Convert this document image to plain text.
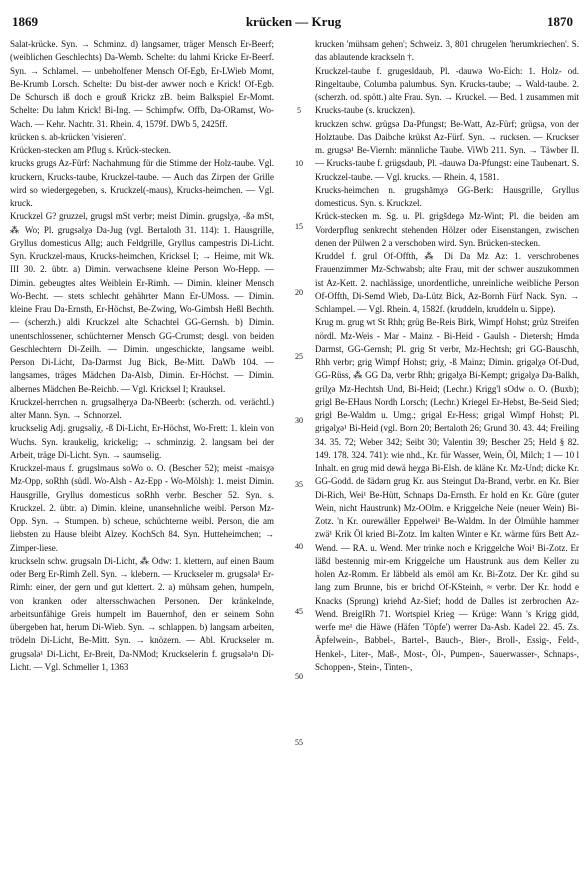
1869	krücken — Krug	1870

Salat-krücke. Syn. → Schminz. d) langsamer, träger Mensch Er-Beerf; (weiblichen Geschlechts) Da-Wemb. Schelte: du lahmi Kricke Er-Beerf. Syn. → Schlamel. — unbeholfener Mensch Of-Egb, Er-LWieb Momt, Be-Krumb Lorsch. Schelte: Du bist-der awwer noch e Krick! Of-Egb. De Schursch iß doch e grouß Krickz zB. beim Balkspiel Er-Momt. Schelte: Du lahm Krick! Bi-Ing. — Schimpfw. Offb, Da-ORamst, Wo-Wach. — Kehr. Nachtr. 31. Rhein. 4, 1579f. DWb 5, 2425ff.

krücken s. ab-krücken 'visieren'.

Krücken-stecken am Pflug s. Krück-stecken.

krucks grugs Az-Fürf: Nachahmung für die Stimme der Holz-taube. Vgl. kruckern, Krucks-taube, Kruckzel-taube. — Auch das Zirpen der Grille wird so wiedergegeben, s. Kruckzel(-maus), Krucks-heimchen. — Vgl. kruck.

Kruckzel G? gruzzel, grugsl mSt verbr; meist Dimin. grugslχә, -ßә mSt, ⁂ Wo; Pl. grugsәlχә Da-Jug (vgl. Bertaloth 31. 114): 1. Hausgrille, Gryllus domesticus Allg; auch Feldgrille, Gryllus campestris Di-Licht. Syn. Kruckzel-maus, Krucks-heimchen, Kricksel I; → Heime, mit Wk. III 30. 2. übtr. a) Dimin. verwachsene kleine Person Wo-Hepp. — Dimin. gebeugtes altes Weiblein Er-Rimh. — Dimin. kleiner Mensch Wo-Becht. — stets schlecht gehährter Mann Er-UMoss. — Dimin. kleine Frau Da-Ernsth, Er-Höchst, Be-Zwing, Wo-Gimbsh Heßl Bechth. — (scherzh.) aldi Kruckzel alte Schachtel GG-Gernsh. b) Dimin. unentschlossener, schüchterner Mensch GG-Crumst; desgl. von beiden Geschlechtern Di-Zeilh. — Dimin. ungeschickte, langsame weibl. Person Di-Licht, Da-Darmst Jug Bick, Be-Mitt. DaWb 104. — langsames, träges Mädchen Da-Alsb, Dimin. Er-Höchst. — Dimin. albernes Mädchen Be-Reichb. — Vgl. Kricksel I; Krauksel.

Kruckzel-herrchen n. grugsәlhęrχә Da-NBeerb: (scherzh. od. verächtl.) alter Mann. Syn. → Schnorzel.

kruckselig Adj. grugsәliχ, -ß Di-Licht, Er-Höchst, Wo-Frett: 1. klein von Wuchs. Syn. kraukelig, krickelig; → schminzig. 2. langsam bei der Arbeit, träge Di-Licht. Syn. → saumselig.

Kruckzel-maus f. grugslmaus soWo o. O. (Bescher 52); meist -maisχә Mz-Opp, soRhh (südl. Wo-Alsh - Az-Epp - Wo-Mölsh): 1. meist Dimin. Hausgrille, Gryllus domesticus soRhh verbr. Bescher 52. Syn. s. Kruckzel. 2. übtr. a) Dimin. kleine, unansehnliche weibl. Person Mz-Opp. Syn. → Stumpen. b) scheue, schüchterne weibl. Person, die am liebsten zu Hause bleibt Alzey. KochSch 84. Syn. Hutteheimchen; → Zimper-liese.

kruckseln schw. grugsәln Di-Licht, ⁂ Odw: 1. klettern, auf einen Baum oder Berg Er-Rimh Zell. Syn. → klebern. — Kruckseler m. grugsәlә¹ Er-Rimh: einer, der gern und gut klettert. 2. a) mühsam gehen, humpeln, von kranken oder altersschwachen Personen. Der kränkelnde, arbeitsunfähige Greis humpelt im Bauernhof, den er seinem Sohn übergeben hat, herum Di-Wieb. Syn. → schlappen. b) langsam arbeiten, trödeln Di-Licht, Be-Mitt. Syn. → knözern. — Abl. Kruckseler m. grugsәlә¹ Di-Licht, Er-Breit, Da-NMod; Kruckselerin f. grugsәlә¹n Di-Licht. — Vgl. Schmeller 1, 1363

5
10
15
20
25
30
35
40
45
50
55

krucken 'mühsam gehen'; Schweiz. 3, 801 chrugelen 'herumkriechen'. S. das ablautende krackseln †.

Kruckzel-taube f. grugesldaub, Pl. -dauwә Wo-Eich: 1. Holz- od. Ringeltaube, Columba palumbus. Syn. Krucks-taube; → Wald-taube. 2. (scherzh. od. spött.) alte Frau. Syn. → Kruckel. — Bed. 1 zusammen mit Krucks-taube (s. kruckzen).

kruckzen schw. grügsә Da-Pfungst; Be-Watt, Az-Fürf; grügsә, von der Holztaube. Das Daibche krükst Az-Fürf. Syn. → rucksen. — Kruckser m. grugsә¹ Be-Viernh: männliche Taube. ViWb 211. Syn. → Täwber II. — Krucks-taube f. grügsdaub, Pl. -dauwә Da-Pfungst: eine Taubenart. S. Kruckzel-taube. — Vgl. krucks. — Rhein. 4, 1581.

Krucks-heimchen n. grugshāmχә GG-Berk: Hausgrille, Gryllus domesticus. Syn. s. Kruckzel.

Krück-stecken m. Sg. u. Pl. grigšdegә Mz-Wint; Pl. die beiden am Vorderpflug senkrecht stehenden Hölzer oder Eisenstangen, zwischen denen der Pülwen 2 a verschoben wird. Syn. Brücken-stecken.

Kruddel f. grul Of-Offth, ⁂ Di Da Mz Az: 1. verschrobenes Frauenzimmer Mz-Schwabsb; alte Frau, mit der schwer auszukommen ist Az-Kett. 2. nachlässige, unordentliche, unreinliche weibliche Person Of-Offth, Di-Semd Wieb, Da-Lütz Bick, Az-Bornh Fürf Nack. Syn. → Schlampel. — Vgl. Rhein. 4, 1582f. (kruddeln, kruddeln u. Sippe).

Krug m. grug wt St Rhh; grüg Be-Reis Birk, Wimpf Hohst; grüz Streifen nördl. Mz-Weis - Mar - Mainz - Bi-Heid - Gaulsh - Dietersh; Hmda Darmst, GG-Gernsh; Pl. grig St verbr, Mz-Hechtsh; gri GG-Bauschh, Rhh verbr; grig Wimpf Hohst; griχ, -ß Mainz; Dimin. grigәlχә Of-Dud, GG-Rüss, ⁂ GG Da, verbr Rhh; grigәlχә Bi-Kempt; grigәlχә Da-Balkh, grilχә Mz-Hechtsh Und, Bi-Heid; (Lechr.) Krigg'l sOdw o. O. (Buxb); grigl Be-EHaus Nordh Lorsch; (Lechr.) Kriegel Er-Hebst, Be-Seid Sied; grigl Be-Waldm u. Umg.; grigәl Er-Hess; grigәl Wimpf Hohst; Pl. grigәlχә¹ Bi-Heid (vgl. Born 20; Bertaloth 26; Grund 30. 43. 44; Freiling 34. 35. 72; Weber 342; Seibt 30; Valentin 39; Bescher 25; Held § 82. 149. 178. 324. 741): wie nhd., Kr. für Wasser, Wein, Öl, Milch; 1 — 10 l Inhalt. en grug mid dewä heχgә Bi-Elsh. de kläne Kr. Mz-Und; dicke Kr. GG-Godd. de šädәrn grug Kr. aus Steingut Da-Brand, verbr. en Kr. Bier Di-Rich, Wei¹ Be-Hütt, Schnaps Da-Ernsth. Er hold en Kr. Güre (guter Wein, nicht Haustrunk) Mz-OOlm. e Kriggelche Neie (neuer Wein) Bi-Zotz. 'n Kr. ourewäller Eppelwei¹ Be-Waldm. In der Ölmühle hammer zwä¹ Krik Öl kried Bi-Zotz. Im kalten Winter e Kr. wärme fürs Bett Az-Wend. — RA. u. Wend. Mer trinke noch e Kriggelche Woi¹ Bi-Zotz. Er läßd bestennig mir-em Kriggelche um Haustrunk aus dem Keller zu holen Az-Romm. Er läbbeld als emöl am Kr. Bi-Zotz. Der Kr. gihd su lang zum Brunne, bis er brichd Of-KSteinh, ≈ verbr. Der Kr. hodd e Knacks (Sprung) kriehd Az-Sief; hodd de Dalles ist zerbrochen Az-Wend. BreiglRh 71. Wortspiel Krieg — Krüge: Wann 's Krigg gidd, werfe me¹ die Häwe (Häfen 'Töpfe') werrer Da-Asb. Kadel 22. 45. Zs. Äpfelwein-, Babbel-, Bartel-, Bauch-, Bier-, Broll-, Essig-, Feld-, Henkel-, Liter-, Maß-, Most-, Öl-, Pumpen-, Sauerwasser-, Schnaps-, Schoppen-, Stein-, Tinten-,
